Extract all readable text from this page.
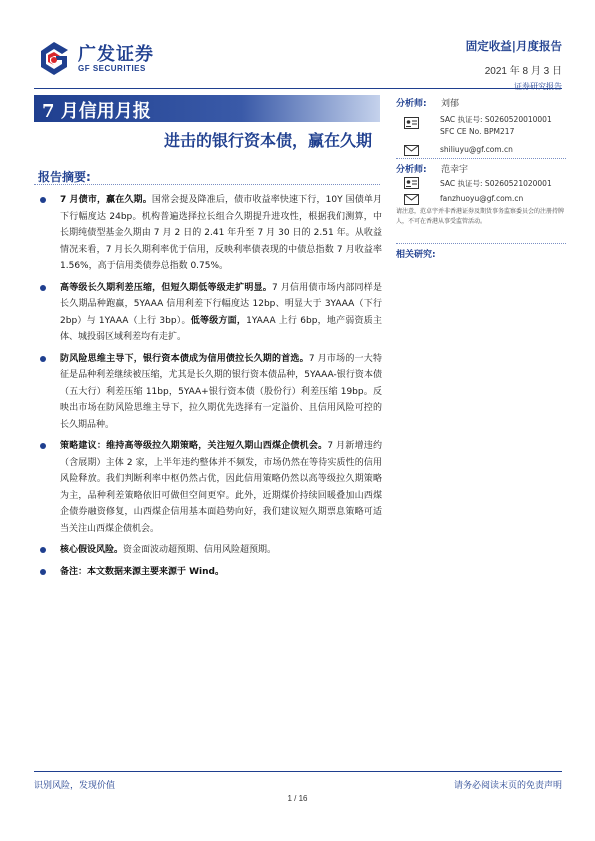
广发证券
GF SECURITIES
固定收益|月度报告
2021 年 8 月 3 日
证券研究报告
7 月信用月报
进击的银行资本债，赢在久期
报告摘要:
7 月债市，赢在久期。国常会提及降准后，债市收益率快速下行，10Y 国债单月下行幅度达 24bp。机构普遍选择拉长组合久期提升进攻性，根据我们测算，中长期纯债型基金久期由 7 月 2 日的 2.41 年升至 7 月 30 日的 2.51 年。从收益情况来看，7 月长久期利率优于信用，反映利率债表现的中债总指数 7 月收益率 1.56%，高于信用类债券总指数 0.75%。
高等级长久期利差压缩，但短久期低等级走扩明显。7 月信用债市场内部同样是长久期品种跑赢，5YAAA 信用利差下行幅度达 12bp、明显大于 3YAAA（下行 2bp）与 1YAAA（上行 3bp）。低等级方面，1YAAA 上行 6bp，地产弱资质主体、城投弱区域利差均有走扩。
防风险思维主导下，银行资本债成为信用债拉长久期的首选。7 月市场的一大特征是品种利差继续被压缩，尤其是长久期的银行资本债品种，5YAAA-银行资本债（五大行）利差压缩 11bp，5YAA+银行资本债（股份行）利差压缩 19bp。反映出市场在防风险思维主导下，拉久期优先选择有一定溢价、且信用风险可控的长久期品种。
策略建议：维持高等级拉久期策略，关注短久期山西煤企债机会。7 月新增违约（含展期）主体 2 家，上半年违约整体并不频发，市场仍然在等待实质性的信用风险释放。我们判断利率中枢仍然占优，因此信用策略仍然以高等级拉久期策略为主，品种利差策略依旧可做但空间更窄。此外，近期煤价持续回暖叠加山西煤企债券融资修复，山西煤企信用基本面趋势向好，我们建议短久期票息策略可适当关注山西煤企债机会。
核心假设风险。资金面波动超预期、信用风险超预期。
备注：本文数据来源主要来源于 Wind。
分析师:	刘郁
SAC 执证号: S0260520010001
SFC CE No. BPM217
shiliuyu@gf.com.cn
分析师:	范幸宇
SAC 执证号: S0260521020001
fanzhuoyu@gf.com.cn
请注意，范卓宇并非香港证券及期货事务监察委员会的注册持牌人，不可在香港从事受监管活动。
相关研究:
识别风险，发现价值	请务必阅读末页的免责声明
1 / 16
